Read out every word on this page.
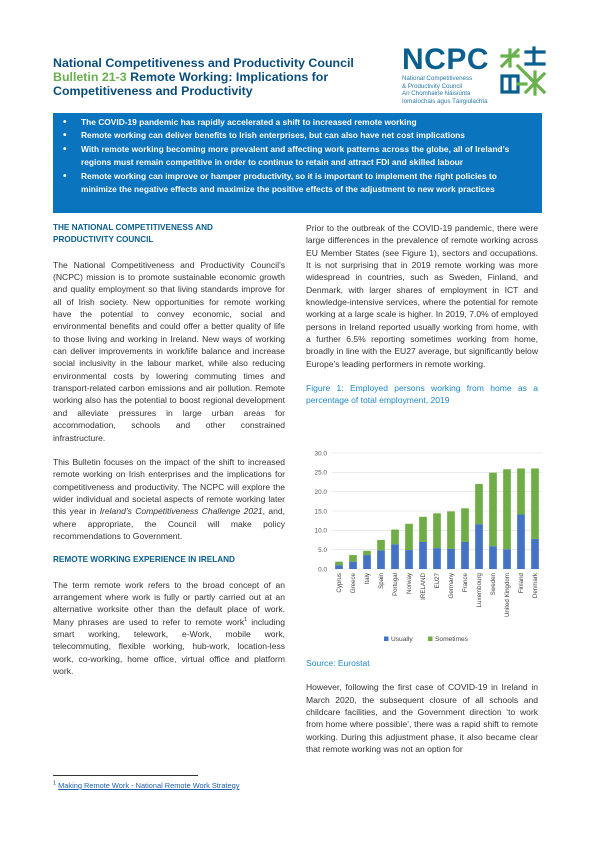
National Competitiveness and Productivity Council
Bulletin 21-3 Remote Working: Implications for
Competitiveness and Productivity
NCPC
National Competitiveness
& Productivity Council
An Chomhairle Náisiúnta
Iomaíochais agus Táirgiúlachta
• The COVID-19 pandemic has rapidly accelerated a shift to increased remote working
• Remote working can deliver benefits to Irish enterprises, but can also have net cost implications
• With remote working becoming more prevalent and affecting work patterns across the globe, all of Ireland’s
regions must remain competitive in order to continue to retain and attract FDI and skilled labour
• Remote working can improve or hamper productivity, so it is important to implement the right policies to
minimize the negative effects and maximize the positive effects of the adjustment to new work practices
THE NATIONAL COMPETITIVENESS AND
PRODUCTIVITY COUNCIL

The National Competitiveness and Productivity Council’s (NCPC) mission is to promote sustainable economic growth and quality employment so that living standards improve for all of Irish society. New opportunities for remote working have the potential to convey economic, social and environmental benefits and could offer a better quality of life to those living and working in Ireland. New ways of working can deliver improvements in work/life balance and increase social inclusivity in the labour market, while also reducing environmental costs by lowering commuting times and transport-related carbon emissions and air pollution. Remote working also has the potential to boost regional development and alleviate pressures in large urban areas for accommodation, schools and other constrained infrastructure.

This Bulletin focuses on the impact of the shift to increased remote working on Irish enterprises and the implications for competitiveness and productivity. The NCPC will explore the wider individual and societal aspects of remote working later this year in Ireland’s Competitiveness Challenge 2021, and, where appropriate, the Council will make policy recommendations to Government.

REMOTE WORKING EXPERIENCE IN IRELAND

The term remote work refers to the broad concept of an arrangement where work is fully or partly carried out at an alternative worksite other than the default place of work. Many phrases are used to refer to remote work$^1$ including smart working, telework, e-Work, mobile work, telecommuting, flexible working, hub-work, location-less work, co-working, home office, virtual office and platform work.

Prior to the outbreak of the COVID-19 pandemic, there were large differences in the prevalence of remote working across EU Member States (see Figure 1), sectors and occupations. It is not surprising that in 2019 remote working was more widespread in countries, such as Sweden, Finland, and Denmark, with larger shares of employment in ICT and knowledge-intensive services, where the potential for remote working at a large scale is higher. In 2019, 7.0% of employed persons in Ireland reported usually working from home, with a further 6.5% reporting sometimes working from home, broadly in line with the EU27 average, but significantly below Europe’s leading performers in remote working.

Figure 1: Employed persons working from home as a percentage of total employment, 2019

0.0
5.0
10.0
15.0
20.0
25.0
30.0
Cyprus Greece Italy Spain Portugal Norway IRELAND EU27 Germany France Luxembourg Sweden United Kingdom Finland Denmark
Usually	Sometimes

Source: Eurostat

However, following the first case of COVID-19 in Ireland in March 2020, the subsequent closure of all schools and childcare facilities, and the Government direction ‘to work from home where possible’, there was a rapid shift to remote working. During this adjustment phase, it also became clear that remote working was not an option for

$^1$ Making Remote Work - National Remote Work Strategy
